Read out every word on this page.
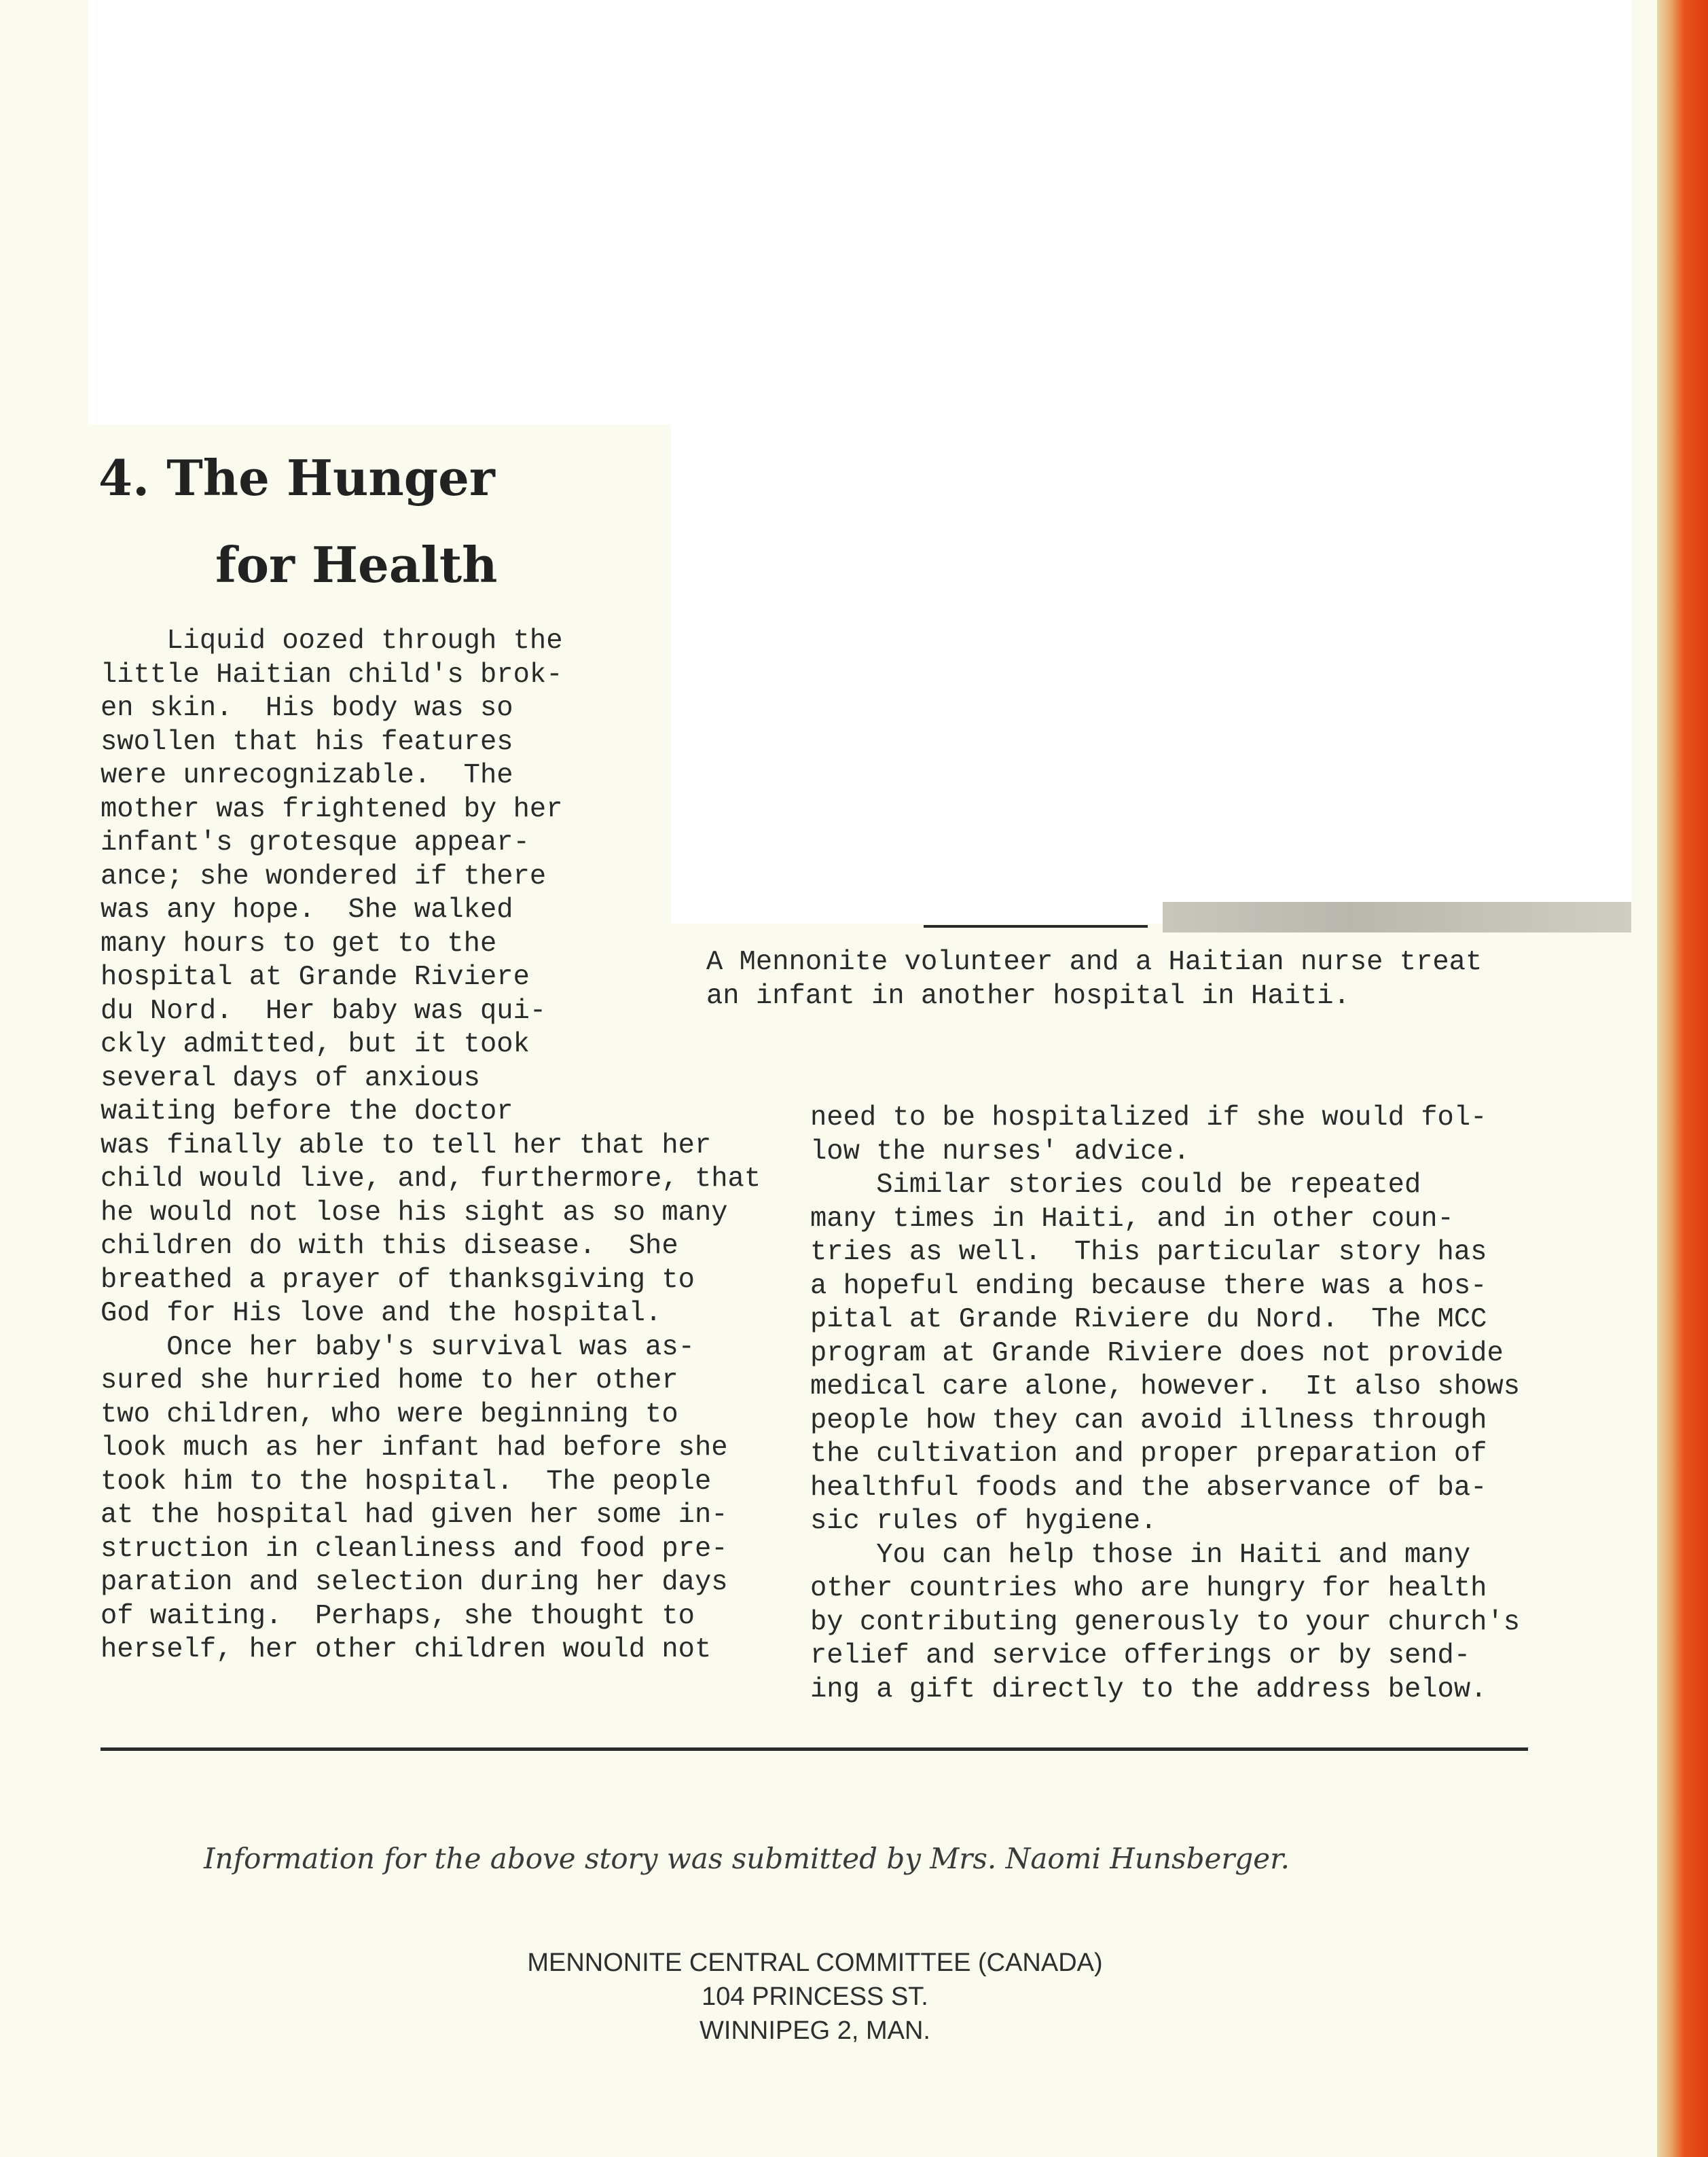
4. The Hunger
for Health
Liquid oozed through the
little Haitian child's brok-
en skin.  His body was so
swollen that his features
were unrecognizable.  The
mother was frightened by her
infant's grotesque appear-
ance; she wondered if there
was any hope.  She walked
many hours to get to the
hospital at Grande Riviere
du Nord.  Her baby was qui-
ckly admitted, but it took
several days of anxious
waiting before the doctor
was finally able to tell her that her
child would live, and, furthermore, that
he would not lose his sight as so many
children do with this disease.  She
breathed a prayer of thanksgiving to
God for His love and the hospital.
Once her baby's survival was as-
sured she hurried home to her other
two children, who were beginning to
look much as her infant had before she
took him to the hospital.  The people
at the hospital had given her some in-
struction in cleanliness and food pre-
paration and selection during her days
of waiting.  Perhaps, she thought to
herself, her other children would not
A Mennonite volunteer and a Haitian nurse treat
an infant in another hospital in Haiti.
need to be hospitalized if she would fol-
low the nurses' advice.
Similar stories could be repeated
many times in Haiti, and in other coun-
tries as well.  This particular story has
a hopeful ending because there was a hos-
pital at Grande Riviere du Nord.  The MCC
program at Grande Riviere does not provide
medical care alone, however.  It also shows
people how they can avoid illness through
the cultivation and proper preparation of
healthful foods and the abservance of ba-
sic rules of hygiene.
You can help those in Haiti and many
other countries who are hungry for health
by contributing generously to your church's
relief and service offerings or by send-
ing a gift directly to the address below.
Information for the above story was submitted by Mrs. Naomi Hunsberger.
MENNONITE CENTRAL COMMITTEE (CANADA)
104 PRINCESS ST.
WINNIPEG 2, MAN.
